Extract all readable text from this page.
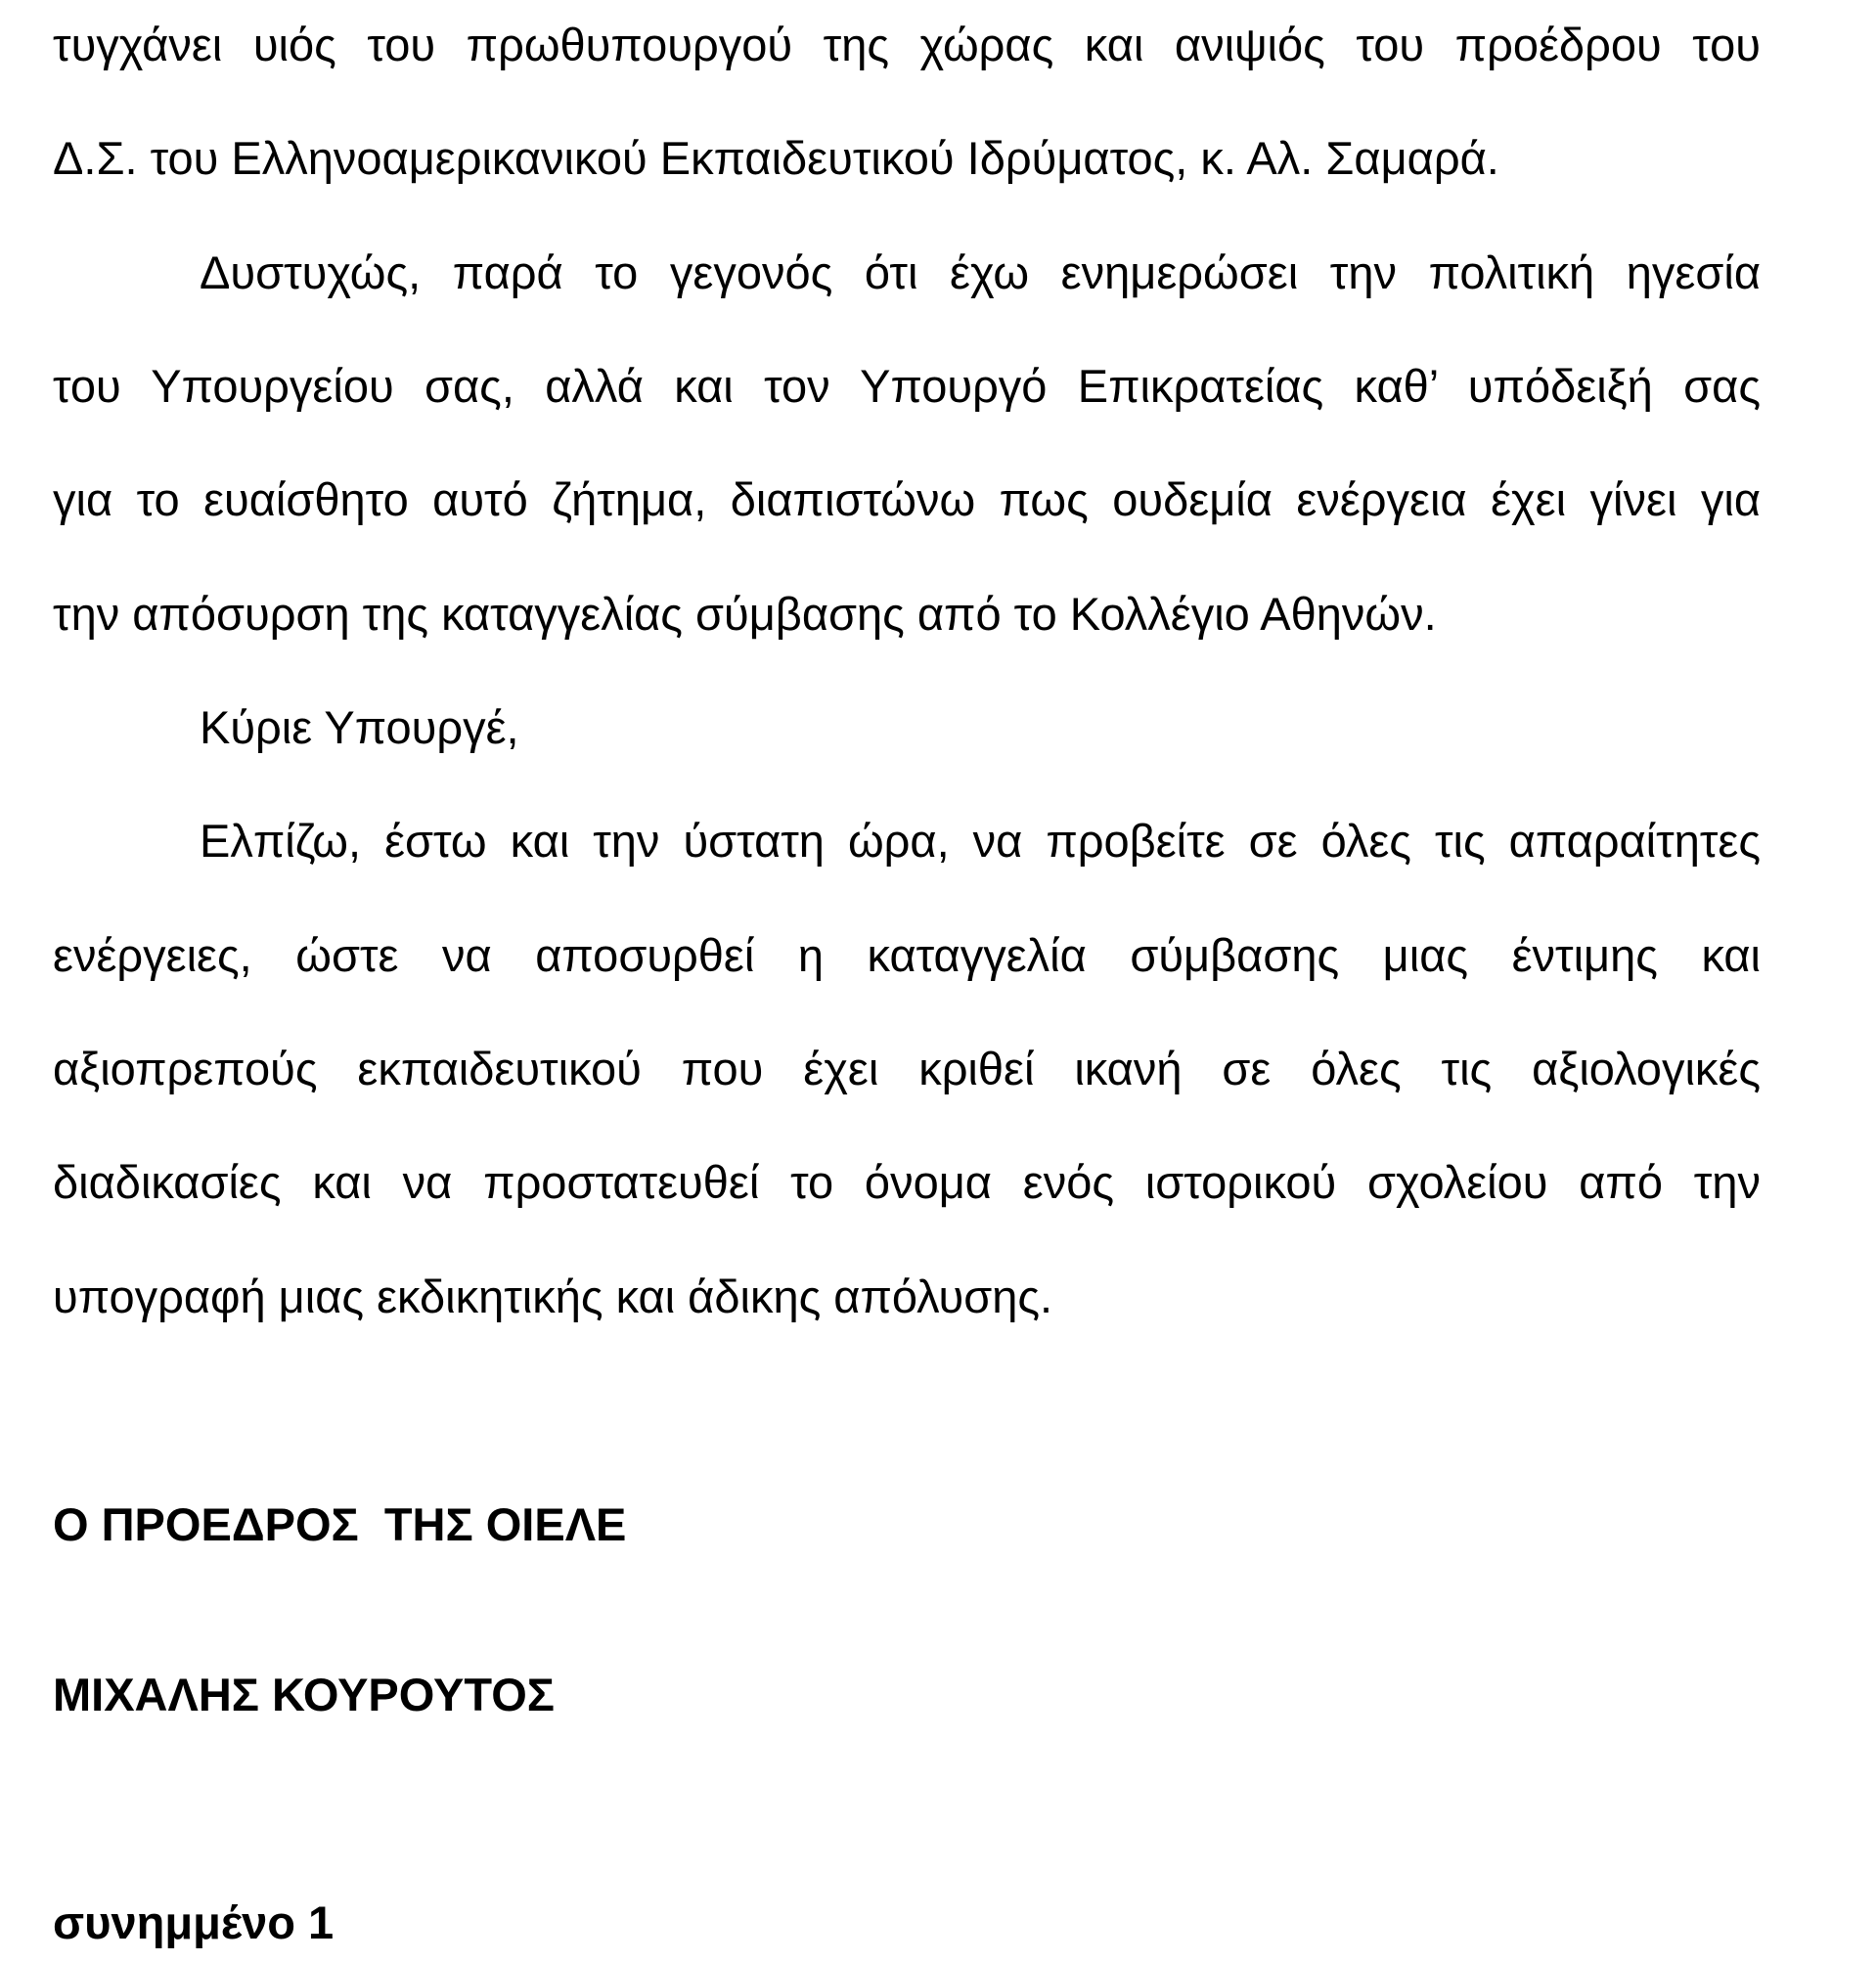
τυγχάνει υιός του πρωθυπουργού της χώρας και ανιψιός του προέδρου του
Δ.Σ. του Ελληνοαμερικανικού Εκπαιδευτικού Ιδρύματος, κ. Αλ. Σαμαρά.
Δυστυχώς, παρά το γεγονός ότι έχω ενημερώσει την πολιτική ηγεσία
του Υπουργείου σας, αλλά και τον Υπουργό Επικρατείας καθ’ υπόδειξή σας
για το ευαίσθητο αυτό ζήτημα, διαπιστώνω πως ουδεμία ενέργεια έχει γίνει για
την απόσυρση της καταγγελίας σύμβασης από το Κολλέγιο Αθηνών.
Κύριε Υπουργέ,
Ελπίζω, έστω και την ύστατη ώρα, να προβείτε σε όλες τις απαραίτητες
ενέργειες, ώστε να αποσυρθεί η καταγγελία σύμβασης μιας έντιμης και
αξιοπρεπούς εκπαιδευτικού που έχει κριθεί ικανή σε όλες τις αξιολογικές
διαδικασίες και να προστατευθεί το όνομα ενός ιστορικού σχολείου από την
υπογραφή μιας εκδικητικής και άδικης απόλυσης.
Ο ΠΡΟΕΔΡΟΣ  ΤΗΣ ΟΙΕΛΕ
ΜΙΧΑΛΗΣ ΚΟΥΡΟΥΤΟΣ
συνημμένο 1
